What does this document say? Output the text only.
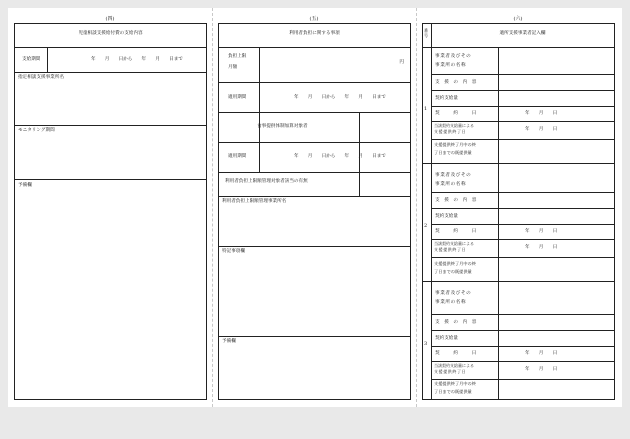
(四)
児童相談支援給付費の支給内容
支給期間	年　　月　　日から　　年　　月　　日まで
指定相談支援事業所名
モニタリング期間
予備欄
(五)
利用者負担に関する事項
負担上限
月額
円
適用期間	年　　月　　日から　　年　　月　　日まで
食事提供体制加算対象者
適用期間	年　　月　　日から　　年　　月　　日まで
利用者負担上限額管理対象者該当の有無
利用者負担上限額管理事業所名
特記事項欄
予備欄
(六)
番
号	適所支援事業者記入欄
1
事業者及びその
事業所の名称
支　援　の　内　容
契約支給量
契　　　約　　　日	年　　月　　日
当該契約支給量による
支援提供終了日	年　　月　　日
支援提供終了月中の終
了日までの既提供量
2
事業者及びその
事業所の名称
支　援　の　内　容
契約支給量
契　　　約　　　日	年　　月　　日
当該契約支給量による
支援提供終了日	年　　月　　日
支援提供終了月中の終
了日までの既提供量
3
事業者及びその
事業所の名称
支　援　の　内　容
契約支給量
契　　　約　　　日	年　　月　　日
当該契約支給量による
支援提供終了日	年　　月　　日
支援提供終了月中の終
了日までの既提供量
